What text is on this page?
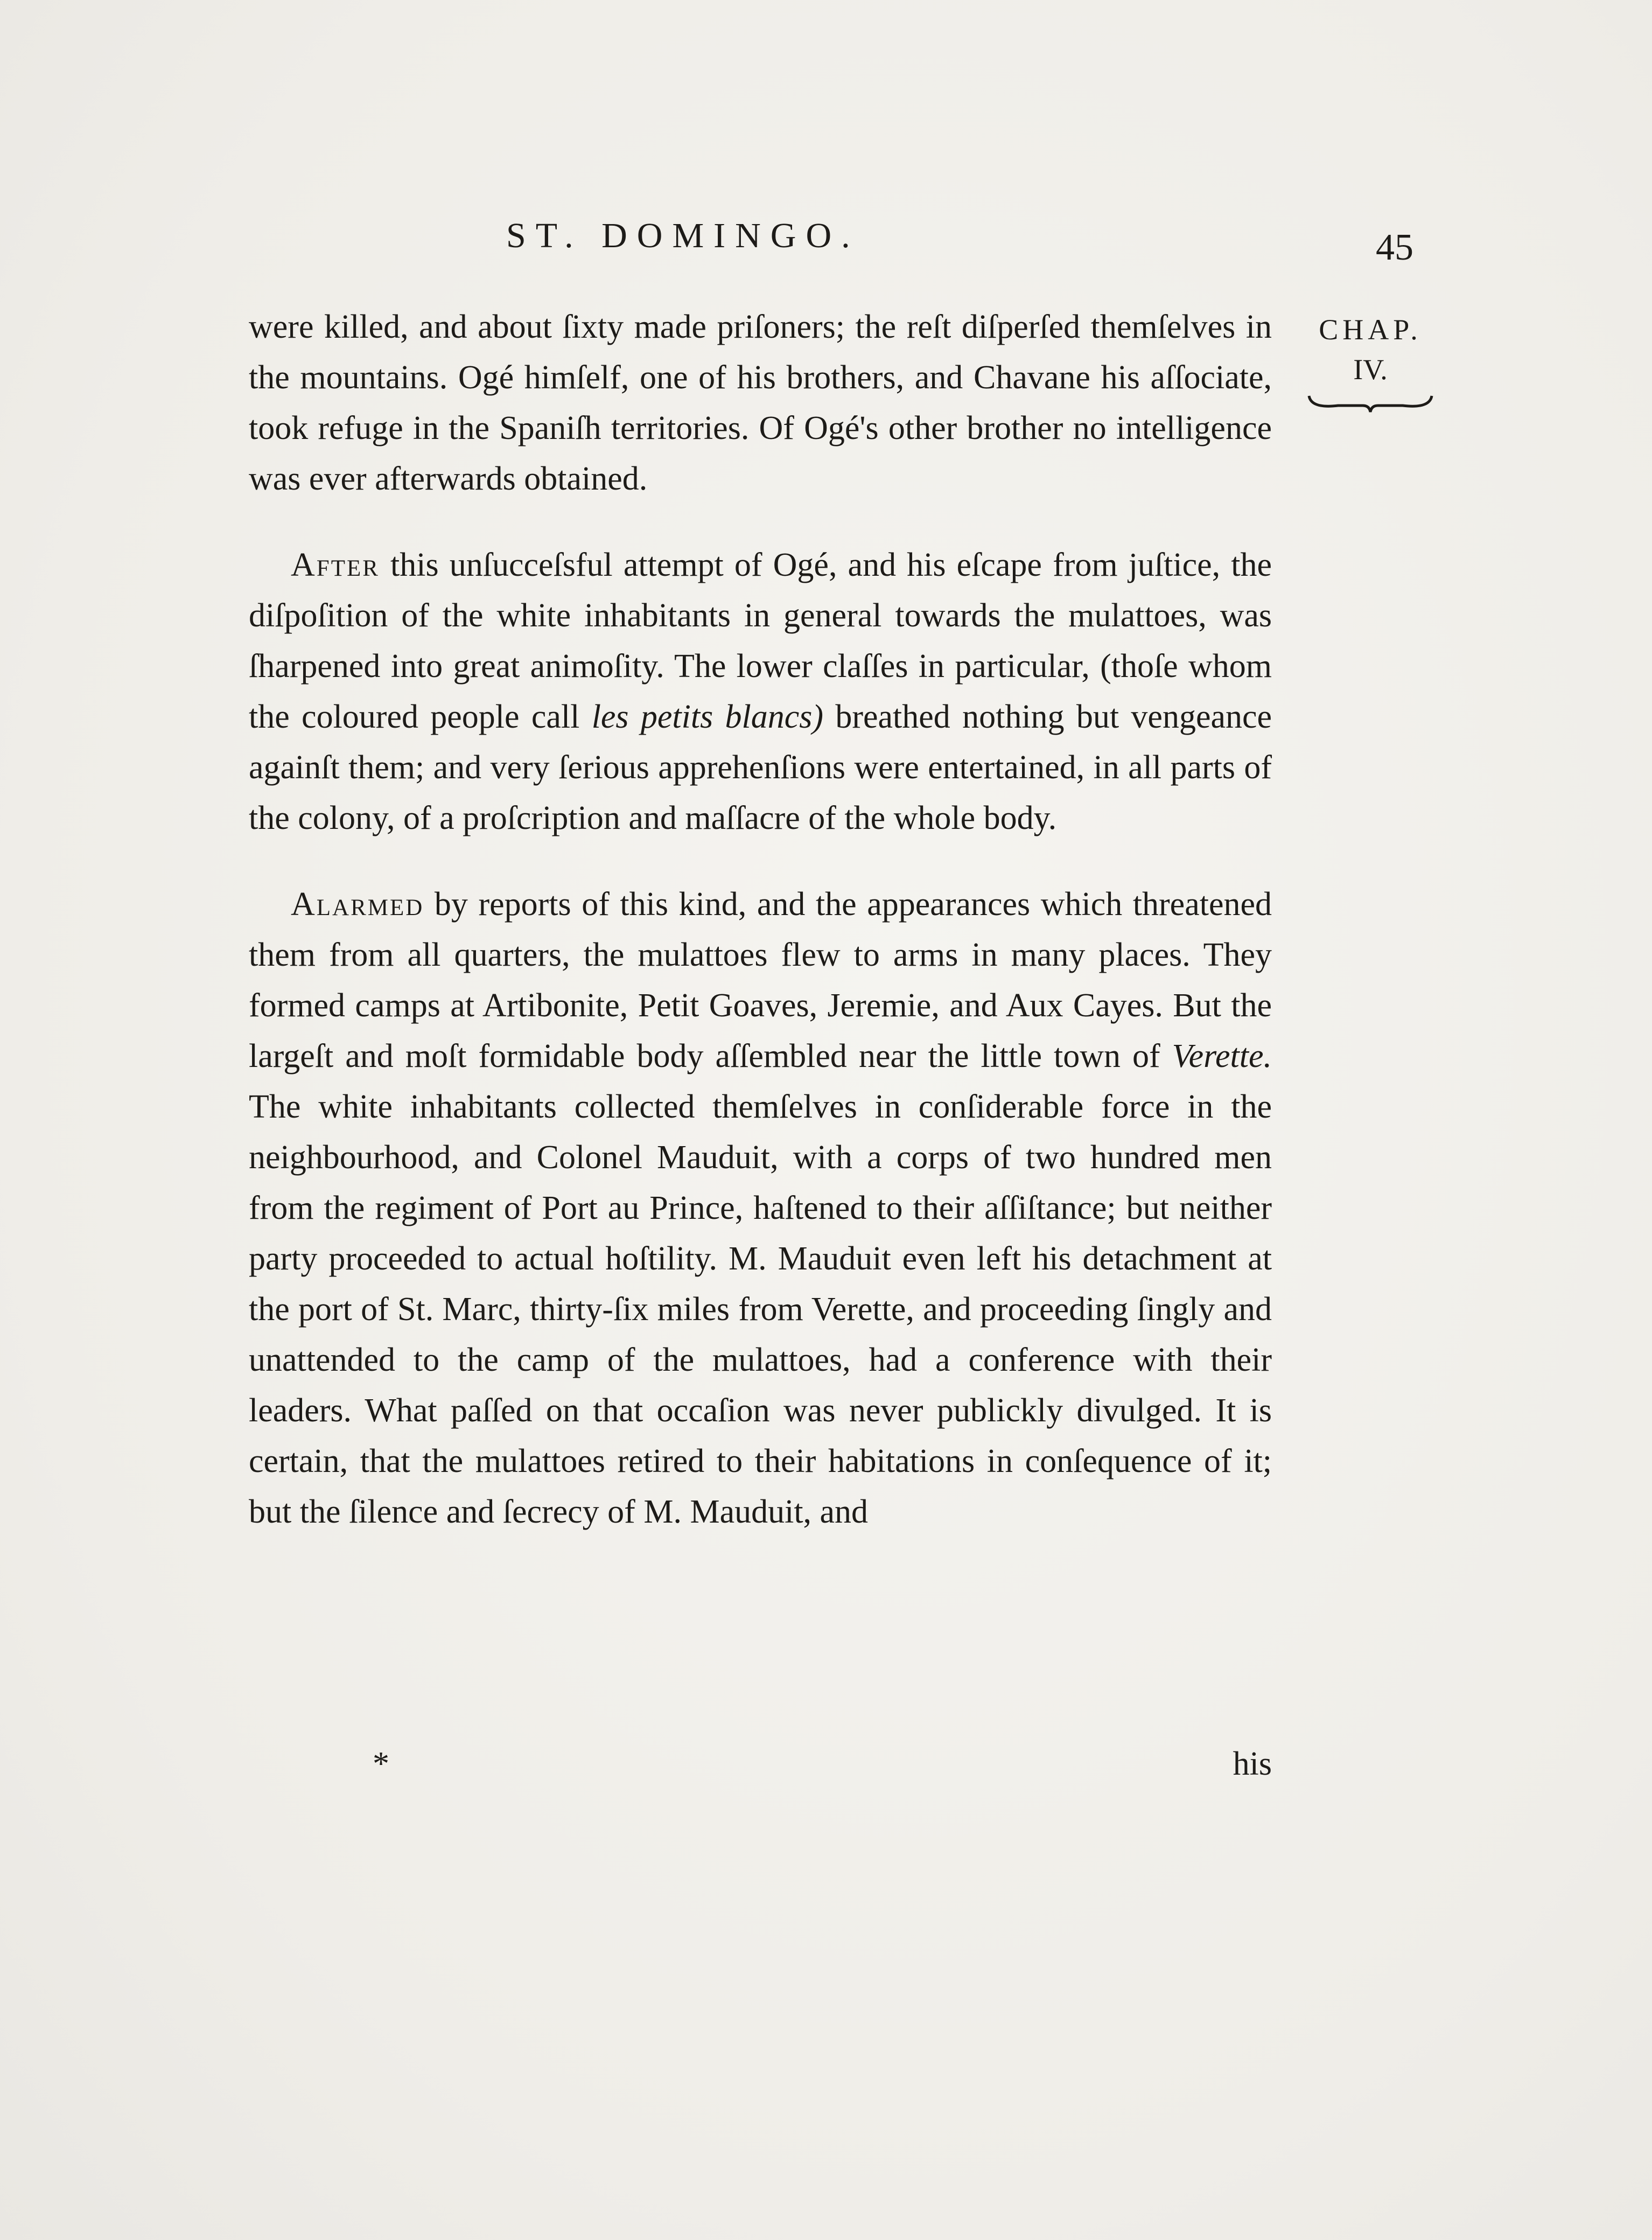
ST. DOMINGO.	45
CHAP.
IV.

were killed, and about ſixty made priſoners; the reſt diſperſed themſelves in the mountains. Ogé himſelf, one of his brothers, and Chavane his aſſociate, took refuge in the Spaniſh territories. Of Ogé's other brother no intelligence was ever afterwards obtained.

After this unſucceſsful attempt of Ogé, and his eſcape from juſtice, the diſpoſition of the white inhabitants in general towards the mulattoes, was ſharpened into great animoſity. The lower claſſes in particular, (thoſe whom the coloured people call les petits blancs) breathed nothing but vengeance againſt them; and very ſerious apprehenſions were entertained, in all parts of the colony, of a proſcription and maſſacre of the whole body.

Alarmed by reports of this kind, and the appearances which threatened them from all quarters, the mulattoes flew to arms in many places. They formed camps at Artibonite, Petit Goaves, Jeremie, and Aux Cayes. But the largeſt and moſt formidable body aſſembled near the little town of Verette. The white inhabitants collected themſelves in conſiderable force in the neighbourhood, and Colonel Mauduit, with a corps of two hundred men from the regiment of Port au Prince, haſtened to their aſſiſtance; but neither party proceeded to actual hoſtility. M. Mauduit even left his detachment at the port of St. Marc, thirty-ſix miles from Verette, and proceeding ſingly and unattended to the camp of the mulattoes, had a conference with their leaders. What paſſed on that occaſion was never publickly divulged. It is certain, that the mulattoes retired to their habitations in conſequence of it; but the ſilence and ſecrecy of M. Mauduit, and

*	his
